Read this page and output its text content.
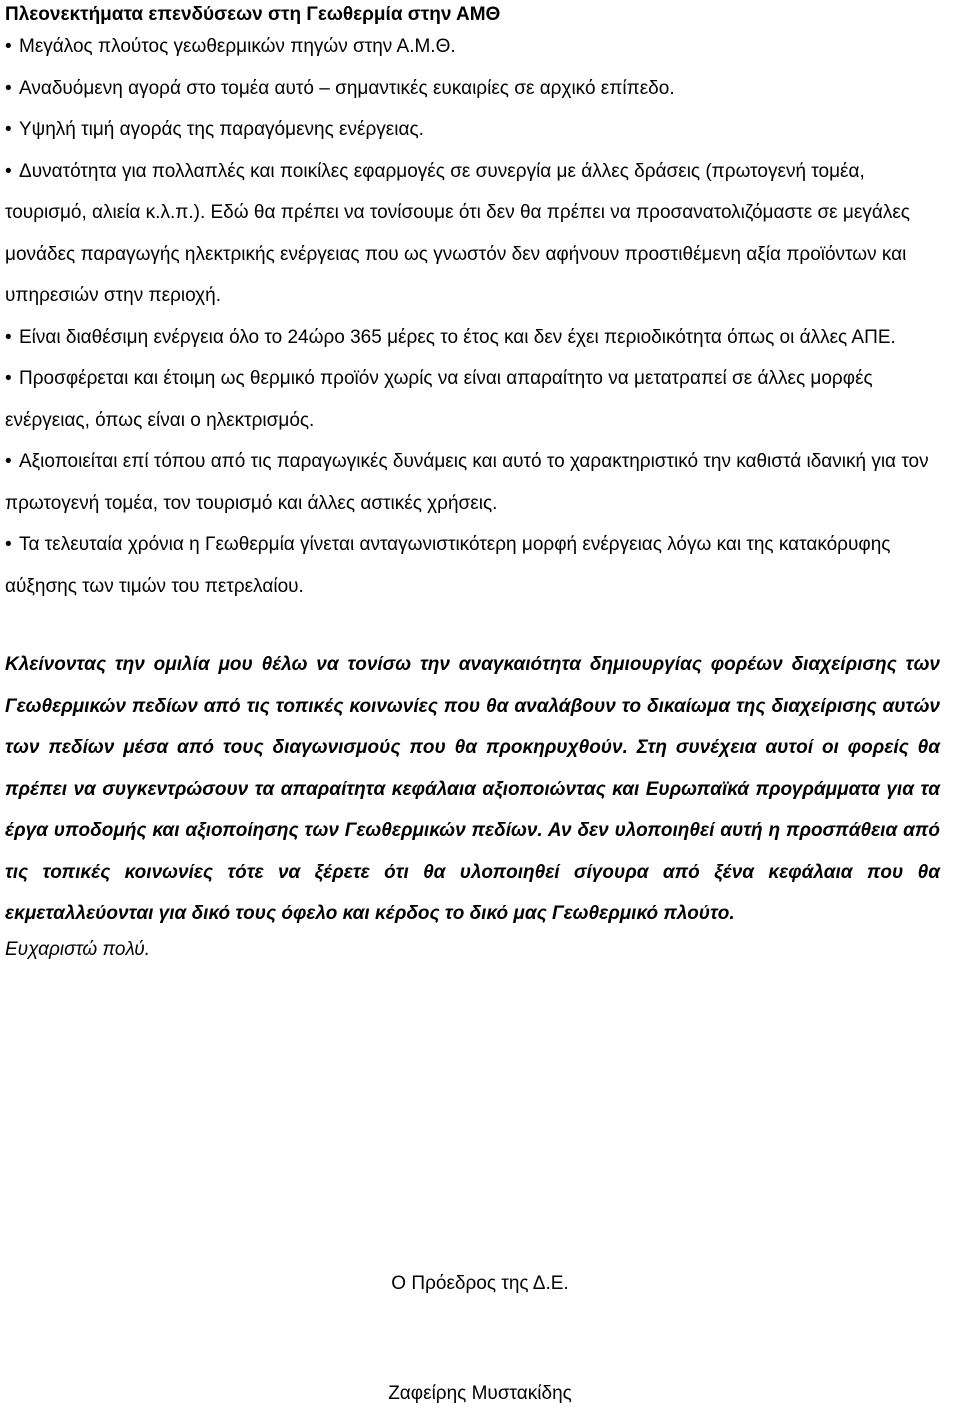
Πλεονεκτήματα επενδύσεων στη Γεωθερμία στην ΑΜΘ
• Μεγάλος πλούτος γεωθερμικών πηγών στην Α.Μ.Θ.
• Αναδυόμενη αγορά στο τομέα αυτό – σημαντικές ευκαιρίες σε αρχικό επίπεδο.
• Υψηλή τιμή αγοράς της παραγόμενης ενέργειας.
• Δυνατότητα για πολλαπλές και ποικίλες εφαρμογές σε συνεργία με άλλες δράσεις (πρωτογενή τομέα, τουρισμό, αλιεία κ.λ.π.). Εδώ θα πρέπει να τονίσουμε ότι δεν θα πρέπει να προσανατολιζόμαστε σε μεγάλες μονάδες παραγωγής ηλεκτρικής ενέργειας που ως γνωστόν δεν αφήνουν προστιθέμενη αξία προϊόντων και υπηρεσιών στην περιοχή.
• Είναι διαθέσιμη ενέργεια όλο το 24ώρο 365 μέρες το έτος και δεν έχει περιοδικότητα όπως οι άλλες ΑΠΕ.
• Προσφέρεται και έτοιμη ως θερμικό προϊόν χωρίς να είναι απαραίτητο να μετατραπεί σε άλλες μορφές ενέργειας, όπως είναι ο ηλεκτρισμός.
• Αξιοποιείται επί τόπου από τις παραγωγικές δυνάμεις και αυτό το χαρακτηριστικό την καθιστά ιδανική για τον πρωτογενή τομέα, τον τουρισμό και άλλες αστικές χρήσεις.
• Τα τελευταία χρόνια η Γεωθερμία γίνεται ανταγωνιστικότερη μορφή ενέργειας λόγω και της κατακόρυφης αύξησης των τιμών του πετρελαίου.

Κλείνοντας την ομιλία μου θέλω να τονίσω την αναγκαιότητα δημιουργίας φορέων διαχείρισης των Γεωθερμικών πεδίων από τις τοπικές κοινωνίες που θα αναλάβουν το δικαίωμα της διαχείρισης αυτών των πεδίων μέσα από τους διαγωνισμούς που θα προκηρυχθούν. Στη συνέχεια αυτοί οι φορείς θα πρέπει να συγκεντρώσουν τα απαραίτητα κεφάλαια αξιοποιώντας και Ευρωπαϊκά προγράμματα για τα έργα υποδομής και αξιοποίησης των Γεωθερμικών πεδίων. Αν δεν υλοποιηθεί αυτή η προσπάθεια από τις τοπικές κοινωνίες τότε να ξέρετε ότι θα υλοποιηθεί σίγουρα από ξένα κεφάλαια που θα εκμεταλλεύονται για δικό τους όφελο και κέρδος το δικό μας Γεωθερμικό πλούτο.

Ευχαριστώ πολύ.

Ο Πρόεδρος της Δ.Ε.
Ζαφείρης Μυστακίδης
